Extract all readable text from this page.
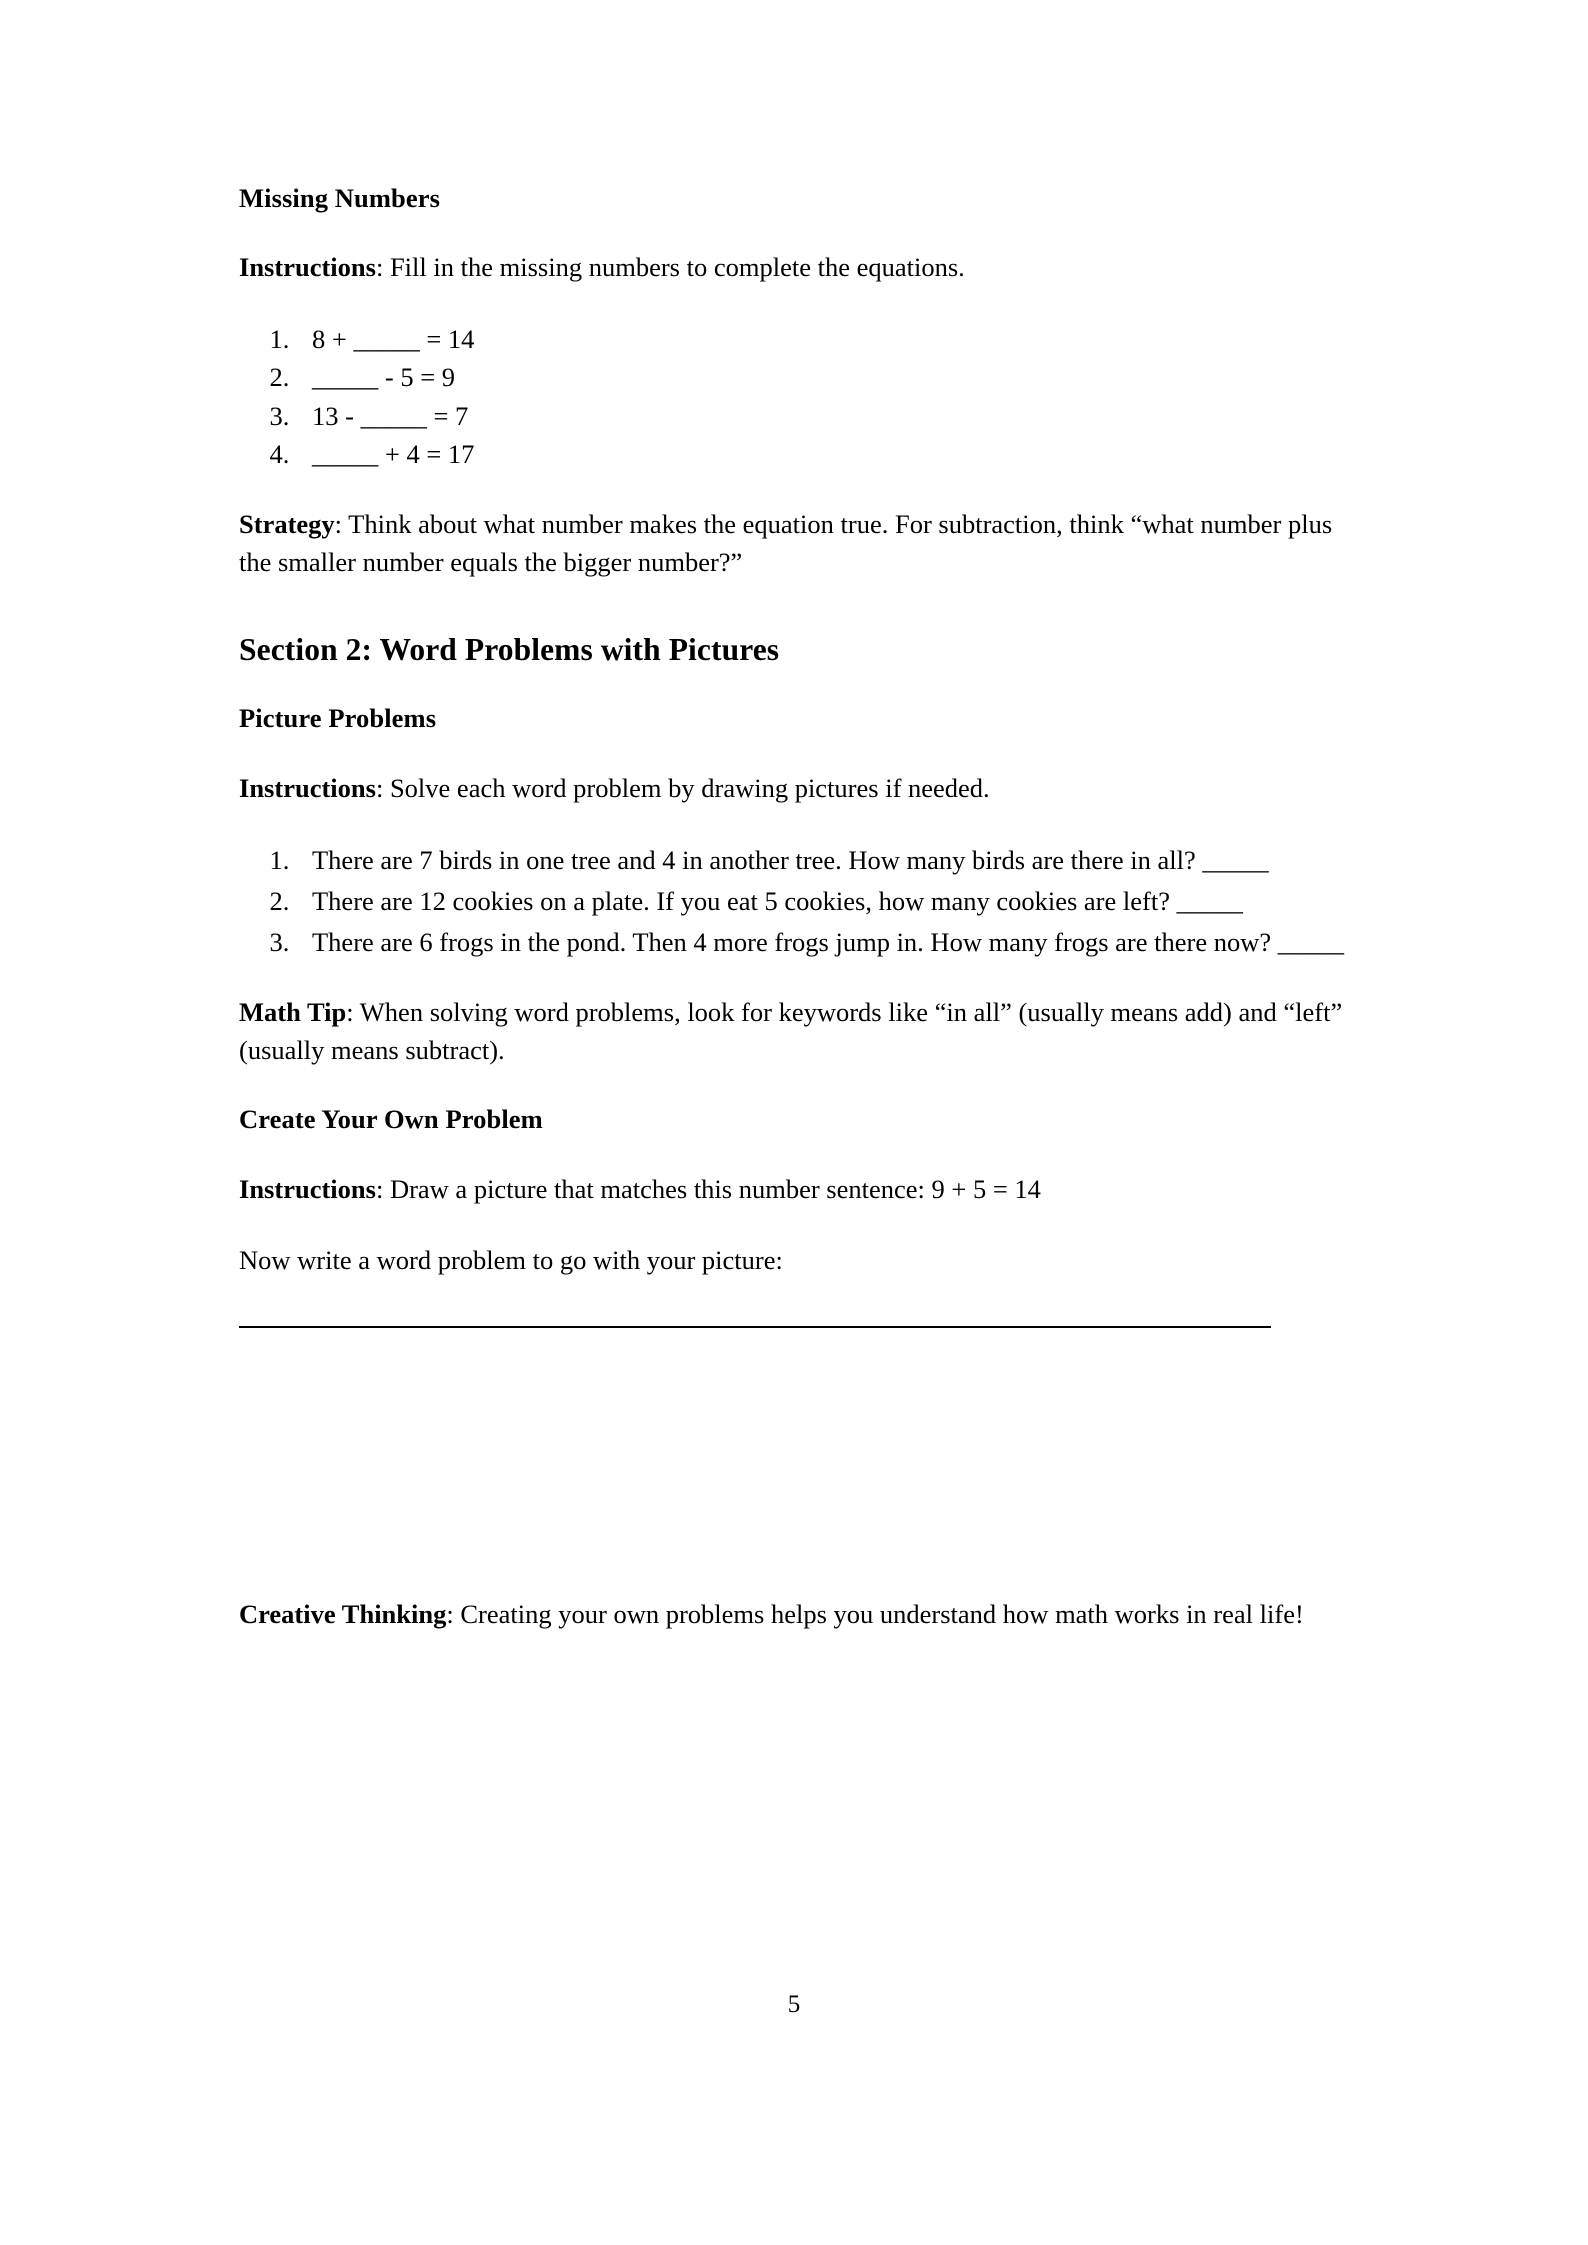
Missing Numbers

Instructions: Fill in the missing numbers to complete the equations.

1. 8 + _____ = 14
2. _____ - 5 = 9
3. 13 - _____ = 7
4. _____ + 4 = 17

Strategy: Think about what number makes the equation true. For subtraction, think “what number plus the smaller number equals the bigger number?”

Section 2: Word Problems with Pictures
Picture Problems

Instructions: Solve each word problem by drawing pictures if needed.

1. There are 7 birds in one tree and 4 in another tree. How many birds are there in all? _____
2. There are 12 cookies on a plate. If you eat 5 cookies, how many cookies are left? _____
3. There are 6 frogs in the pond. Then 4 more frogs jump in. How many frogs are there now? _____

Math Tip: When solving word problems, look for keywords like “in all” (usually means add) and “left” (usually means subtract).

Create Your Own Problem

Instructions: Draw a picture that matches this number sentence: 9 + 5 = 14

Now write a word problem to go with your picture:

Creative Thinking: Creating your own problems helps you understand how math works in real life!

5
